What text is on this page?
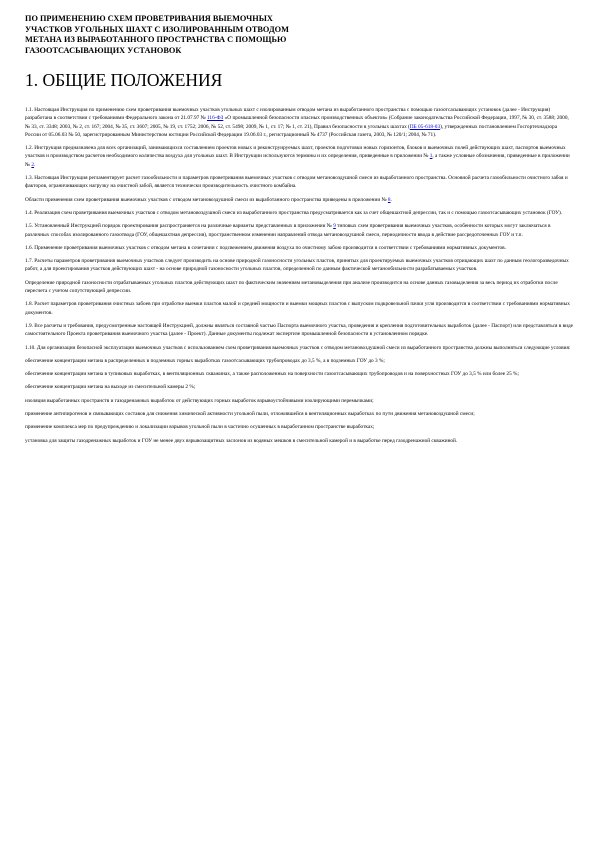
ПО ПРИМЕНЕНИЮ СХЕМ ПРОВЕТРИВАНИЯ ВЫЕМОЧНЫХ
УЧАСТКОВ УГОЛЬНЫХ ШАХТ С ИЗОЛИРОВАННЫМ ОТВОДОМ
МЕТАНА ИЗ ВЫРАБОТАННОГО ПРОСТРАНСТВА С ПОМОЩЬЮ
ГАЗООТСАСЫВАЮЩИХ УСТАНОВОК
1. ОБЩИЕ ПОЛОЖЕНИЯ

1.1. Настоящая Инструкция по применению схем проветривания выемочных участков угольных шахт с изолированным отводом метана из выработанного пространства с помощью газоотсасывающих установок (далее - Инструкция) разработана в соответствии с требованиями Федерального закона от 21.07.97 № 116-ФЗ «О промышленной безопасности опасных производственных объектов» (Собрание законодательства Российской Федерации, 1997, № 30, ст. 3588; 2000, № 33, ст. 3348; 2003, № 2, ст. 167; 2004, № 35, ст. 3607; 2005, № 19, ст. 1752; 2006, № 52, ст. 5498; 2009, № 1, ст. 17; № 1, ст. 21), Правил безопасности в угольных шахтах (ПБ 05-618-03), утвержденных постановлением Госгортехнадзора России от 05.06.03 № 50, зарегистрированным Министерством юстиции Российской Федерации 19.06.03 г., регистрационный № 4737 (Российская газета, 2003, № 120/1; 2004, № 71).

1.2. Инструкция предназначена для всех организаций, занимающихся составлением проектов новых и реконструируемых шахт, проектов подготовки новых горизонтов, блоков и выемочных полей действующих шахт, паспортов выемочных участков и производством расчетов необходимого количества воздуха для угольных шахт. В Инструкции используются термины и их определения, приведенные в приложении № 1, а также условные обозначения, приведенные в приложении № 2.

1.3. Настоящая Инструкция регламентирует расчет газообильности и параметров проветривания выемочных участков с отводом метановоздушной смеси из выработанного пространства. Основной расчета газообильности очистного забоя и факторов, ограничивающих нагрузку на очистной забой, является технически производительность очистного комбайна.

Области применения схем проветривания выемочных участков с отводом метановоздушной смеси из выработанного пространства приведены в приложении № 8.

1.4. Реализация схем проветривания выемочных участков с отводом метановоздушной смеси из выработанного пространства предусматривается как за счет общешахтной депрессии, так и с помощью газоотсасывающих установок (ГОУ).

1.5. Установленный Инструкцией порядок проектирования распространяется на различные варианты представленных в приложении № 9 типовых схем проветривания выемочных участков, особенности которых могут заключаться в различных способах изолированного газоотвода (ГОУ, общешахтная депрессия), пространственном изменении направлений отвода метановоздушной смеси, периодичности ввода в действие рассредоточенных ГОУ и т.п.

1.6. Применение проветривания выемочных участков с отводом метана в сочетании с подсвежением движения воздуха по очистному забою производится в соответствии с требованиями нормативных документов.

1.7. Расчеты параметров проветривания выемочных участков следует производить на основе природной газоносности угольных пластов, принятых для проектируемых выемочных участков отрицающих шахт по данным геологоразведочных работ, а для проектирования участков действующих шахт - на основе природной газоносности угольных пластов, определенной по данным фактической метанообильности разрабатываемых участков.

Определение природной газоносности отрабатываемых угольных пластов действующих шахт по фактическим значениям метановыделения при анализе производится на основе данных газовыделения за весь период их отработки после пересчета с учетом сопутствующей депрессии.

1.8. Расчет параметров проветривания очистных забоев при отработке выемки пластов малой и средней мощности и выемки мощных пластов с выпуском подкровельной пачки угля производится в соответствии с требованиями нормативных документов.

1.9. Все расчеты и требования, предусмотренные настоящей Инструкцией, должны являться составной частью Паспорта выемочного участка, проведения и крепления подготовительных выработок (далее - Паспорт) или представляться в виде самостоятельного Проекта проветривания выемочного участка (далее - Проект). Данные документы подлежат экспертизе промышленной безопасности в установленном порядке.

1.10. Для организации безопасной эксплуатации выемочных участков с использованием схем проветривания выемочных участков с отводом метановоздушной смеси из выработанного пространства должны выполняться следующие условия:

обеспечение концентрации метана в распределенных в подземных горных выработках газоотсасывающих трубопроводах до 3,5 %, а в подземных ГОУ до 3 %;

обеспечение концентрации метана в тупиковых выработках, в вентиляционных скважинах, а также расположенных на поверхности газоотсасывающих трубопроводов и на поверхностных ГОУ до 3,5 % или более 25 %;

обеспечение концентрации метана на выходе из смесительной камеры 2 %;

изоляция выработанных пространств и газодренажных выработок от действующих горных выработок взрывоустойчивыми изолирующими перемычками;

применение антипирогенов и связывающих составов для снижения химической активности угольной пыли, отложившейся в вентиляционных выработках по пути движения метановоздушной смеси;

применение комплекса мер по предупреждению и локализации взрывов угольной пыли в частично осушенных в выработанном пространстве выработках;

установка для защиты газодренажных выработок и ГОУ не менее двух взрывозащитных заслонов из водяных мешков в смесительной камерой и в выработке перед газодренажной скважиной.
